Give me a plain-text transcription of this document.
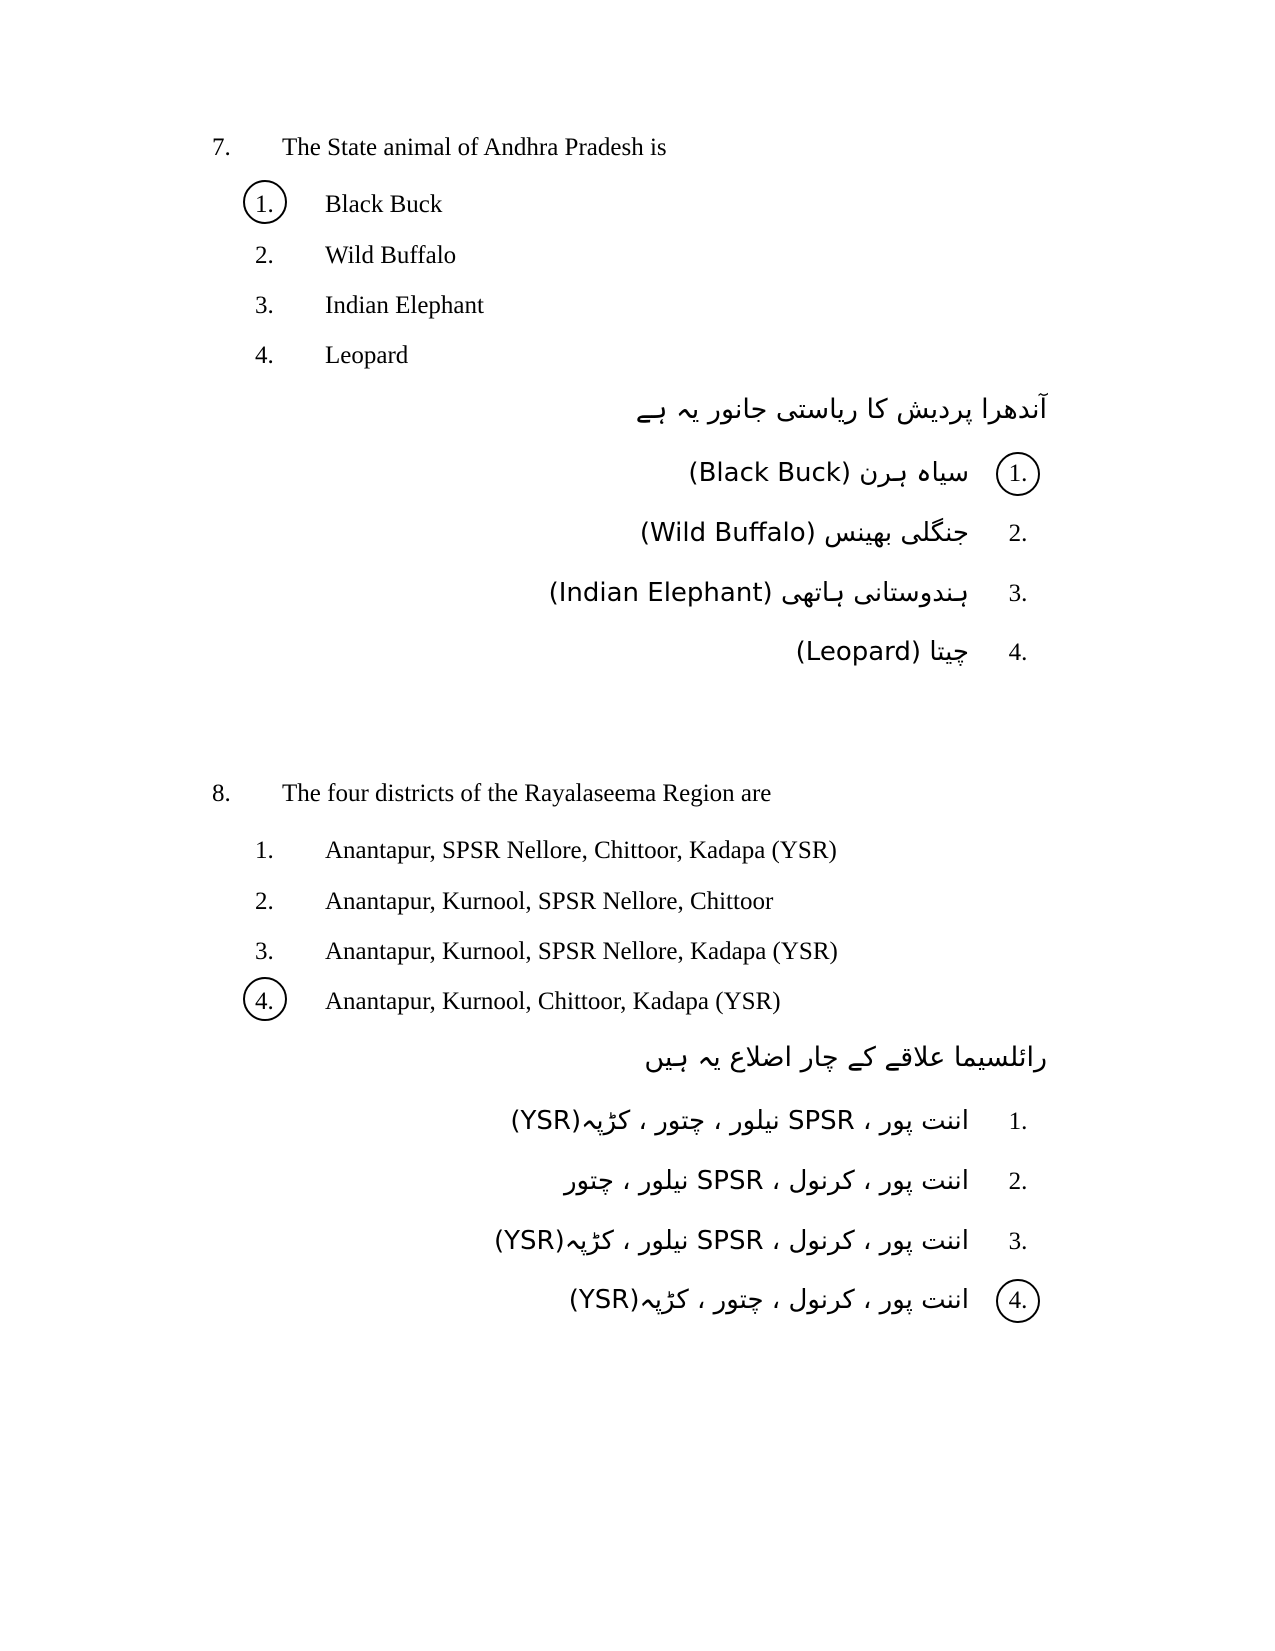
7.	The State animal of Andhra Pradesh is
1.	Black Buck
2.	Wild Buffalo
3.	Indian Elephant
4.	Leopard
آندھرا پردیش کا ریاستی جانور یہ ہے
1.
سیاہ ہرن (Black Buck)
2.
جنگلی بھینس (Wild Buffalo)
3.
ہندوستانی ہاتھی (Indian Elephant)
4.
چیتا (Leopard)
8.	The four districts of the Rayalaseema Region are
1.	Anantapur, SPSR Nellore, Chittoor, Kadapa (YSR)
2.	Anantapur, Kurnool, SPSR Nellore, Chittoor
3.	Anantapur, Kurnool, SPSR Nellore, Kadapa (YSR)
4.	Anantapur, Kurnool, Chittoor, Kadapa (YSR)
رائلسیما علاقے کے چار اضلاع یہ ہیں
1.
اننت پور ، SPSR نیلور ، چتور ، کڑپہ(YSR)
2.
اننت پور ، کرنول ، SPSR نیلور ، چتور
3.
اننت پور ، کرنول ، SPSR نیلور ، کڑپہ(YSR)
4.
اننت پور ، کرنول ، چتور ، کڑپہ(YSR)
